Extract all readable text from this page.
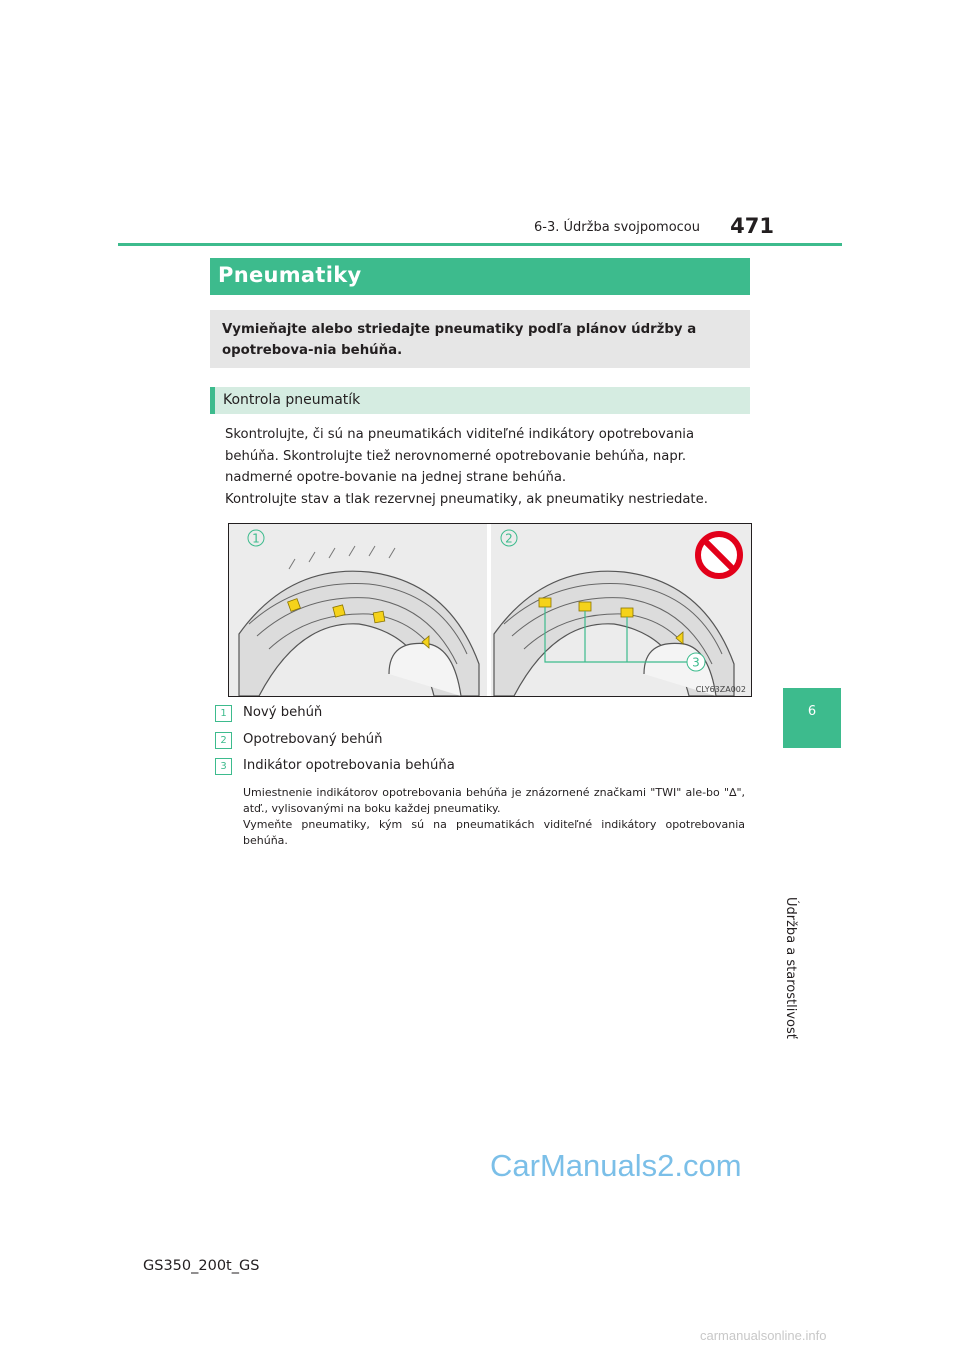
6-3. Údržba svojpomocou	471
6
Údržba a starostlivosť
Pneumatiky

Vymieňajte alebo striedajte pneumatiky podľa plánov údržby a opotrebova-nia behúňa.

Kontrola pneumatík

Skontrolujte, či sú na pneumatikách viditeľné indikátory opotrebovania behúňa. Skontrolujte tiež nerovnomerné opotrebovanie behúňa, napr. nadmerné opotre-bovanie na jednej strane behúňa.

Kontrolujte stav a tlak rezervnej pneumatiky, ak pneumatiky nestriedate.

1	2
3
CLY63ZA002
1	Nový behúň
2	Opotrebovaný behúň
3	Indikátor opotrebovania behúňa

Umiestnenie indikátorov opotrebovania behúňa je znázornené značkami "TWI" ale-bo "∆", atď., vylisovanými na boku každej pneumatiky.

Vymeňte pneumatiky, kým sú na pneumatikách viditeľné indikátory opotrebovania behúňa.

CarManuals2.com
GS350_200t_GS
carmanualsonline.info
